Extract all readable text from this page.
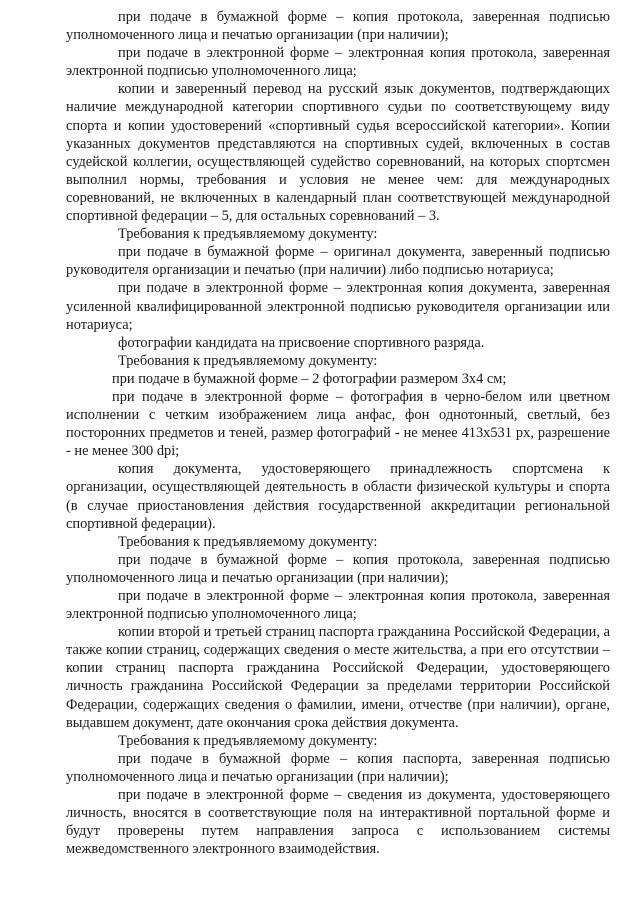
при подаче в бумажной форме – копия протокола, заверенная подписью уполномоченного лица и печатью организации (при наличии);

при подаче в электронной форме – электронная копия протокола, заверенная электронной подписью уполномоченного лица;

копии и заверенный перевод на русский язык документов, подтверждающих наличие международной категории спортивного судьи по соответствующему виду спорта и копии удостоверений «спортивный судья всероссийской категории». Копии указанных документов представляются на спортивных судей, включенных в состав судейской коллегии, осуществляющей судейство соревнований, на которых спортсмен выполнил нормы, требования и условия не менее чем: для международных соревнований, не включенных в календарный план соответствующей международной спортивной федерации – 5, для остальных соревнований – 3.

Требования к предъявляемому документу:

при подаче в бумажной форме – оригинал документа, заверенный подписью руководителя организации и печатью (при наличии) либо подписью нотариуса;

при подаче в электронной форме – электронная копия документа, заверенная усиленной квалифицированной электронной подписью руководителя организации или нотариуса;

фотографии кандидата на присвоение спортивного разряда.

Требования к предъявляемому документу:

при подаче в бумажной форме – 2 фотографии размером 3х4 см;

при подаче в электронной форме – фотография в черно-белом или цветном исполнении с четким изображением лица анфас, фон однотонный, светлый, без посторонних предметов и теней, размер фотографий - не менее 413х531 px, разрешение - не менее 300 dpi;

копия документа, удостоверяющего принадлежность спортсмена к организации, осуществляющей деятельность в области физической культуры и спорта (в случае приостановления действия государственной аккредитации региональной спортивной федерации).

Требования к предъявляемому документу:

при подаче в бумажной форме – копия протокола, заверенная подписью уполномоченного лица и печатью организации (при наличии);

при подаче в электронной форме – электронная копия протокола, заверенная электронной подписью уполномоченного лица;

копии второй и третьей страниц паспорта гражданина Российской Федерации, а также копии страниц, содержащих сведения о месте жительства, а при его отсутствии – копии страниц паспорта гражданина Российской Федерации, удостоверяющего личность гражданина Российской Федерации за пределами территории Российской Федерации, содержащих сведения о фамилии, имени, отчестве (при наличии), органе, выдавшем документ, дате окончания срока действия документа.

Требования к предъявляемому документу:

при подаче в бумажной форме – копия паспорта, заверенная подписью уполномоченного лица и печатью организации (при наличии);

при подаче в электронной форме – сведения из документа, удостоверяющего личность, вносятся в соответствующие поля на интерактивной портальной форме и будут проверены путем направления запроса с использованием системы межведомственного электронного взаимодействия.
